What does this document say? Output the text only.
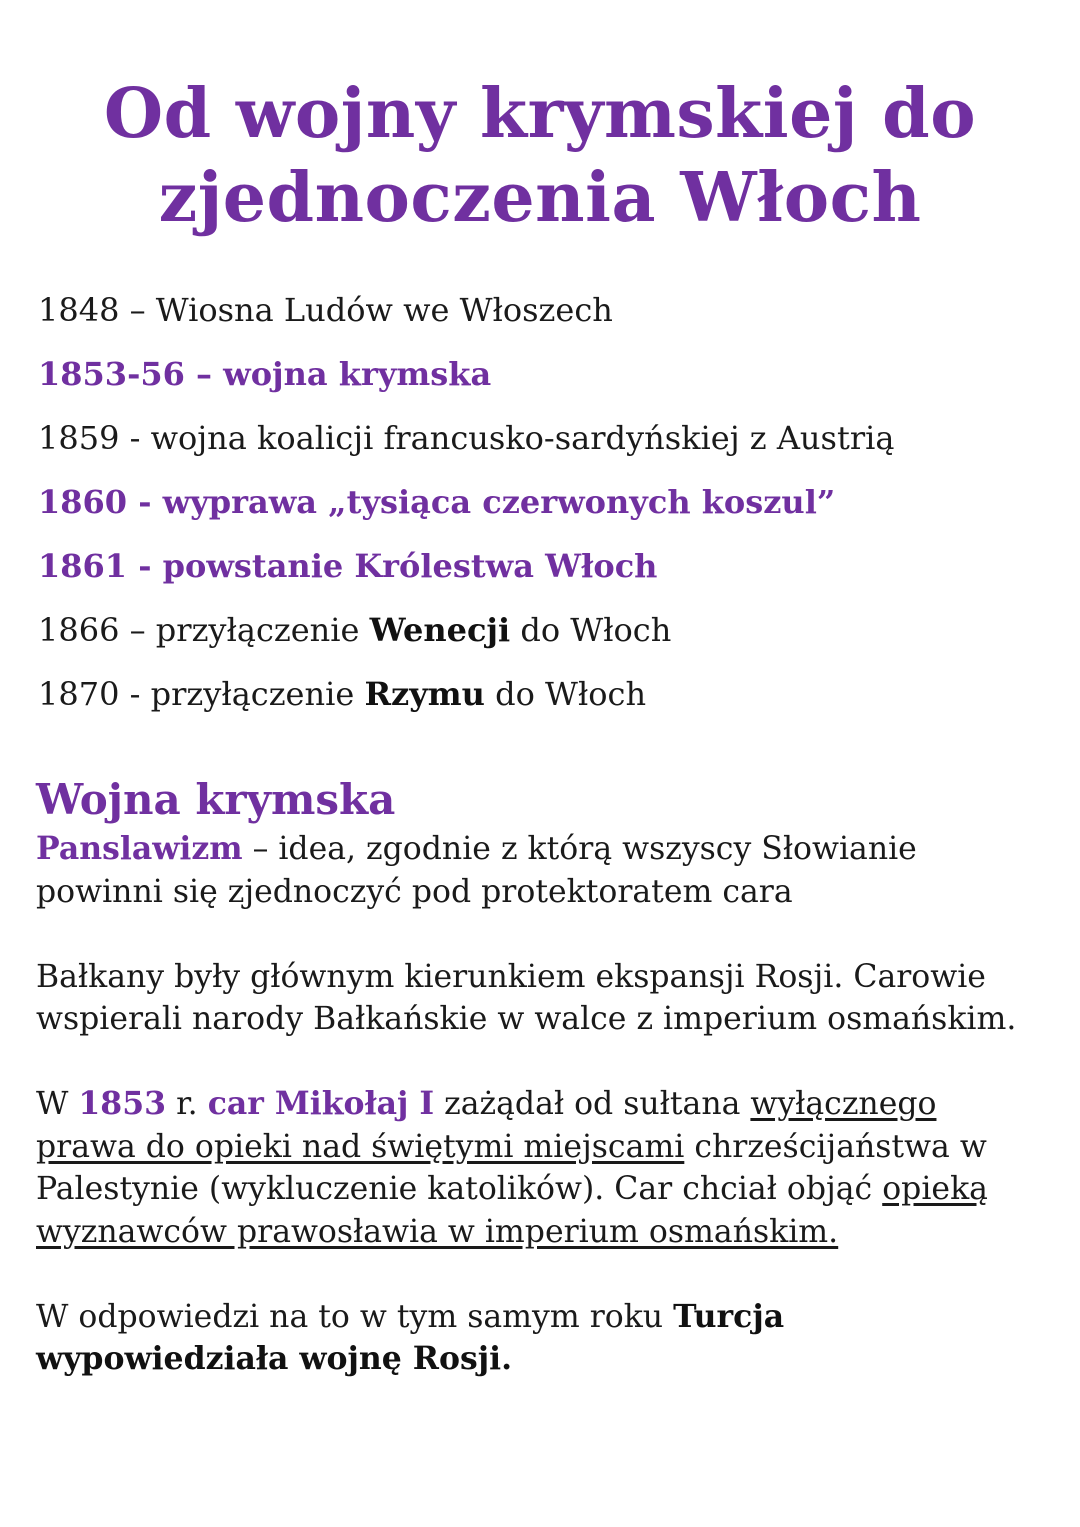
Od wojny krymskiej do
zjednoczenia Włoch
1848 – Wiosna Ludów we Włoszech
1853-56 – wojna krymska
1859 - wojna koalicji francusko-sardyńskiej z Austrią
1860 - wyprawa „tysiąca czerwonych koszul”
1861 - powstanie Królestwa Włoch
1866 – przyłączenie Wenecji do Włoch
1870 - przyłączenie Rzymu do Włoch
Wojna krymska

Panslawizm – idea, zgodnie z którą wszyscy Słowianie powinni się zjednoczyć pod protektoratem cara

Bałkany były głównym kierunkiem ekspansji Rosji. Carowie wspierali narody Bałkańskie w walce z imperium osmańskim.

W 1853 r. car Mikołaj I zażądał od sułtana wyłącznego prawa do opieki nad świętymi miejscami chrześcijaństwa w Palestynie (wykluczenie katolików). Car chciał objąć opieką wyznawców prawosławia w imperium osmańskim.

W odpowiedzi na to w tym samym roku Turcja wypowiedziała wojnę Rosji.
